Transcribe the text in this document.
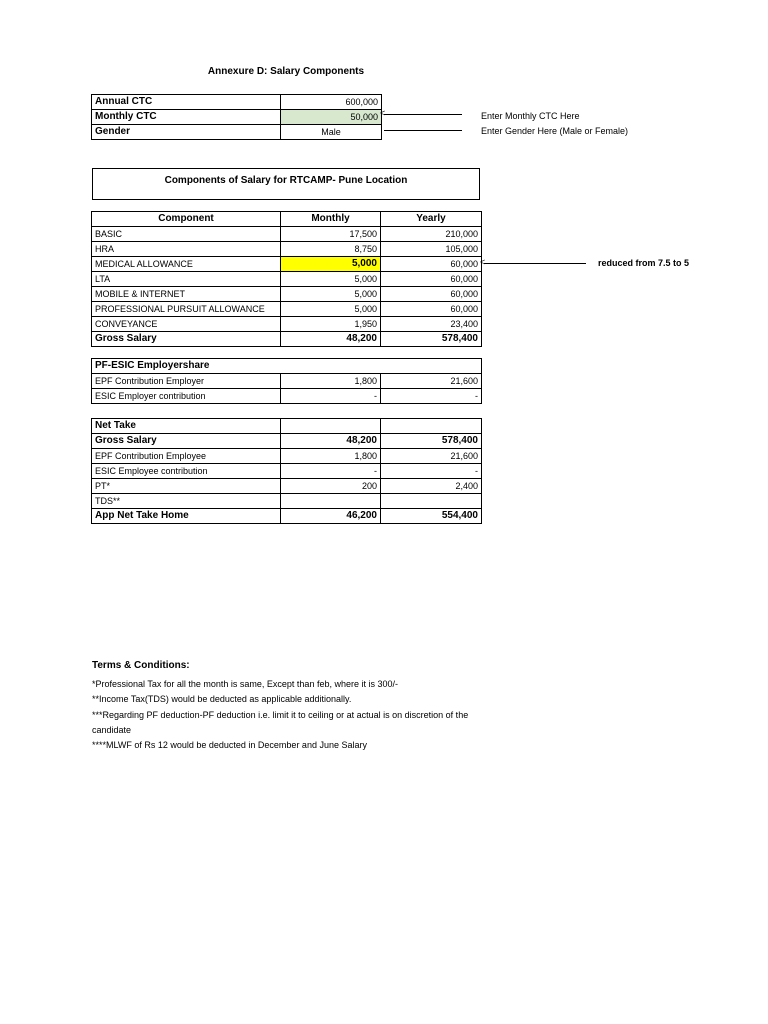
Annexure D: Salary Components
Annual CTC	600,000
Monthly CTC	50,000
Gender	Male
<	Enter Monthly CTC Here
Enter Gender Here (Male or Female)
Components of Salary for RTCAMP- Pune Location
Component	Monthly	Yearly
BASIC	17,500	210,000
HRA	8,750	105,000
MEDICAL ALLOWANCE	5,000	60,000
LTA	5,000	60,000
MOBILE & INTERNET	5,000	60,000
PROFESSIONAL PURSUIT ALLOWANCE	5,000	60,000
CONVEYANCE	1,950	23,400
Gross Salary	48,200	578,400
<	reduced from 7.5 to 5
PF-ESIC Employershare		
EPF Contribution Employer	1,800	21,600
ESIC Employer contribution	-	-
Net Take		
Gross Salary	48,200	578,400
EPF Contribution Employee	1,800	21,600
ESIC Employee contribution	-	-
PT*	200	2,400
TDS**		
App Net Take Home	46,200	554,400
Terms & Conditions:
*Professional Tax for all the month is same, Except than feb, where it is 300/-
**Income Tax(TDS) would be deducted as applicable additionally.
***Regarding PF deduction-PF deduction i.e. limit it to ceiling or at actual is on discretion of the
candidate
****MLWF of Rs 12 would be deducted in December and June Salary
